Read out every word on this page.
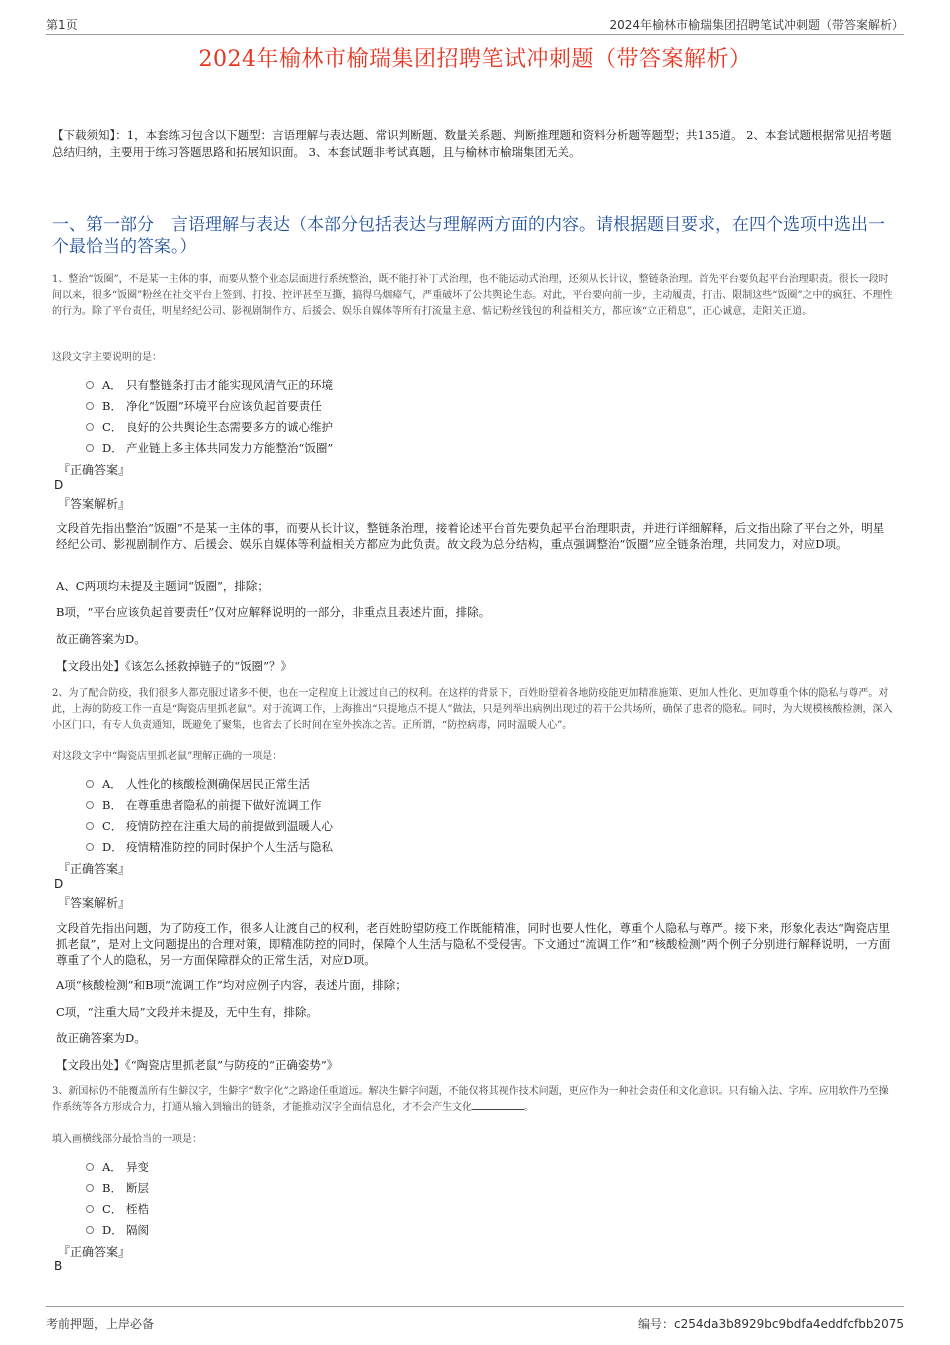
第1页	2024年榆林市榆瑞集团招聘笔试冲刺题（带答案解析）
2024年榆林市榆瑞集团招聘笔试冲刺题（带答案解析）
【下载须知】：1，本套练习包含以下题型：言语理解与表达题、常识判断题、数量关系题、判断推理题和资料分析题等题型；共135道。 2、本套试题根据常见招考题总结归纳，主要用于练习答题思路和拓展知识面。 3、本套试题非考试真题，且与榆林市榆瑞集团无关。
一、第一部分　言语理解与表达（本部分包括表达与理解两方面的内容。请根据题目要求，在四个选项中选出一个最恰当的答案。）
1、整治“饭圈”，不是某一主体的事，而要从整个业态层面进行系统整治，既不能打补丁式治理，也不能运动式治理，还须从长计议，整链条治理。首先平台要负起平台治理职责。很长一段时间以来，很多“饭圈”粉丝在社交平台上签到、打投、控评甚至互撕，搞得乌烟瘴气，严重破坏了公共舆论生态。对此，平台要向前一步，主动履责，打击、限制这些“饭圈”之中的疯狂、不理性的行为。除了平台责任，明星经纪公司、影视剧制作方、后援会、娱乐自媒体等所有打流量主意、惦记粉丝钱包的利益相关方，都应该“立正稍息”，正心诚意，走阳关正道。
这段文字主要说明的是：
A． 只有整链条打击才能实现风清气正的环境
B． 净化“饭圈”环境平台应该负起首要责任
C． 良好的公共舆论生态需要多方的诚心维护
D． 产业链上多主体共同发力方能整治“饭圈”
『正确答案』
D
『答案解析』
文段首先指出整治“饭圈”不是某一主体的事，而要从长计议，整链条治理，接着论述平台首先要负起平台治理职责，并进行详细解释，后文指出除了平台之外，明星经纪公司、影视剧制作方、后援会、娱乐自媒体等利益相关方都应为此负责。故文段为总分结构，重点强调整治“饭圈”应全链条治理，共同发力，对应D项。
A、C两项均未提及主题词“饭圈”，排除；
B项，“平台应该负起首要责任”仅对应解释说明的一部分，非重点且表述片面，排除。
故正确答案为D。
【文段出处】《该怎么拯救掉链子的“饭圈”？》
2、为了配合防疫，我们很多人都克服过诸多不便，也在一定程度上让渡过自己的权利。在这样的背景下，百姓盼望着各地防疫能更加精准施策、更加人性化、更加尊重个体的隐私与尊严。对此，上海的防疫工作一直是“陶瓷店里抓老鼠”。对于流调工作，上海推出“只提地点不提人”做法，只是列举出病例出现过的若干公共场所，确保了患者的隐私。同时，为大规模核酸检测，深入小区门口，有专人负责通知，既避免了聚集，也省去了长时间在室外挨冻之苦。正所谓，“防控病毒，同时温暖人心”。
对这段文字中“陶瓷店里抓老鼠”理解正确的一项是：
A． 人性化的核酸检测确保居民正常生活
B． 在尊重患者隐私的前提下做好流调工作
C． 疫情防控在注重大局的前提做到温暖人心
D． 疫情精准防控的同时保护个人生活与隐私
『正确答案』
D
『答案解析』
文段首先指出问题，为了防疫工作，很多人让渡自己的权利，老百姓盼望防疫工作既能精准，同时也要人性化，尊重个人隐私与尊严。接下来，形象化表达“陶瓷店里抓老鼠”，是对上文问题提出的合理对策，即精准防控的同时，保障个人生活与隐私不受侵害。下文通过“流调工作”和“核酸检测”两个例子分别进行解释说明，一方面尊重了个人的隐私，另一方面保障群众的正常生活，对应D项。
A项“核酸检测”和B项“流调工作”均对应例子内容，表述片面，排除；
C项，“注重大局”文段并未提及，无中生有，排除。
故正确答案为D。
【文段出处】《“陶瓷店里抓老鼠”与防疫的“正确姿势”》
3、新国标仍不能覆盖所有生僻汉字，生僻字“数字化”之路途任重道远。解决生僻字问题，不能仅将其视作技术问题，更应作为一种社会责任和文化意识。只有输入法、字库、应用软件乃至操作系统等各方形成合力，打通从输入到输出的链条，才能推动汉字全面信息化，才不会产生文化	。
填入画横线部分最恰当的一项是：
A． 异变
B． 断层
C． 桎梏
D． 隔阂
『正确答案』
B
考前押题，上岸必备	编号：c254da3b8929bc9bdfa4eddfcfbb2075
